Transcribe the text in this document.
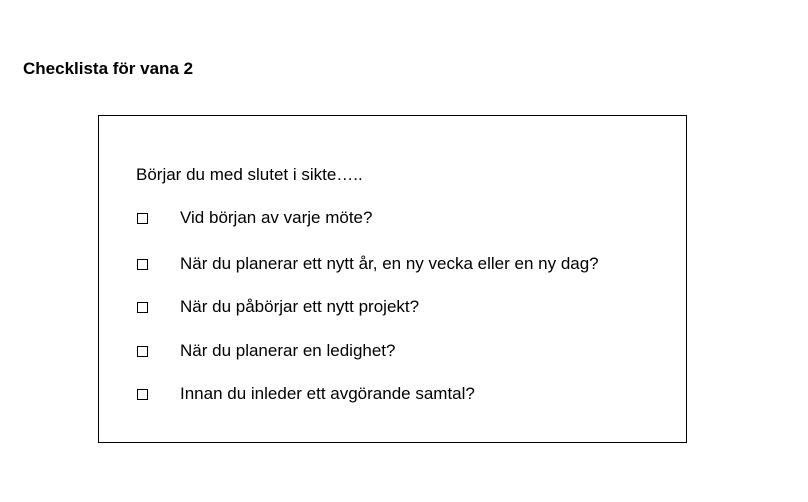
Checklista för vana 2
Börjar du med slutet i sikte…..
Vid början av varje möte?
När du planerar ett nytt år, en ny vecka eller en ny dag?
När du påbörjar ett nytt projekt?
När du planerar en ledighet?
Innan du inleder ett avgörande samtal?
